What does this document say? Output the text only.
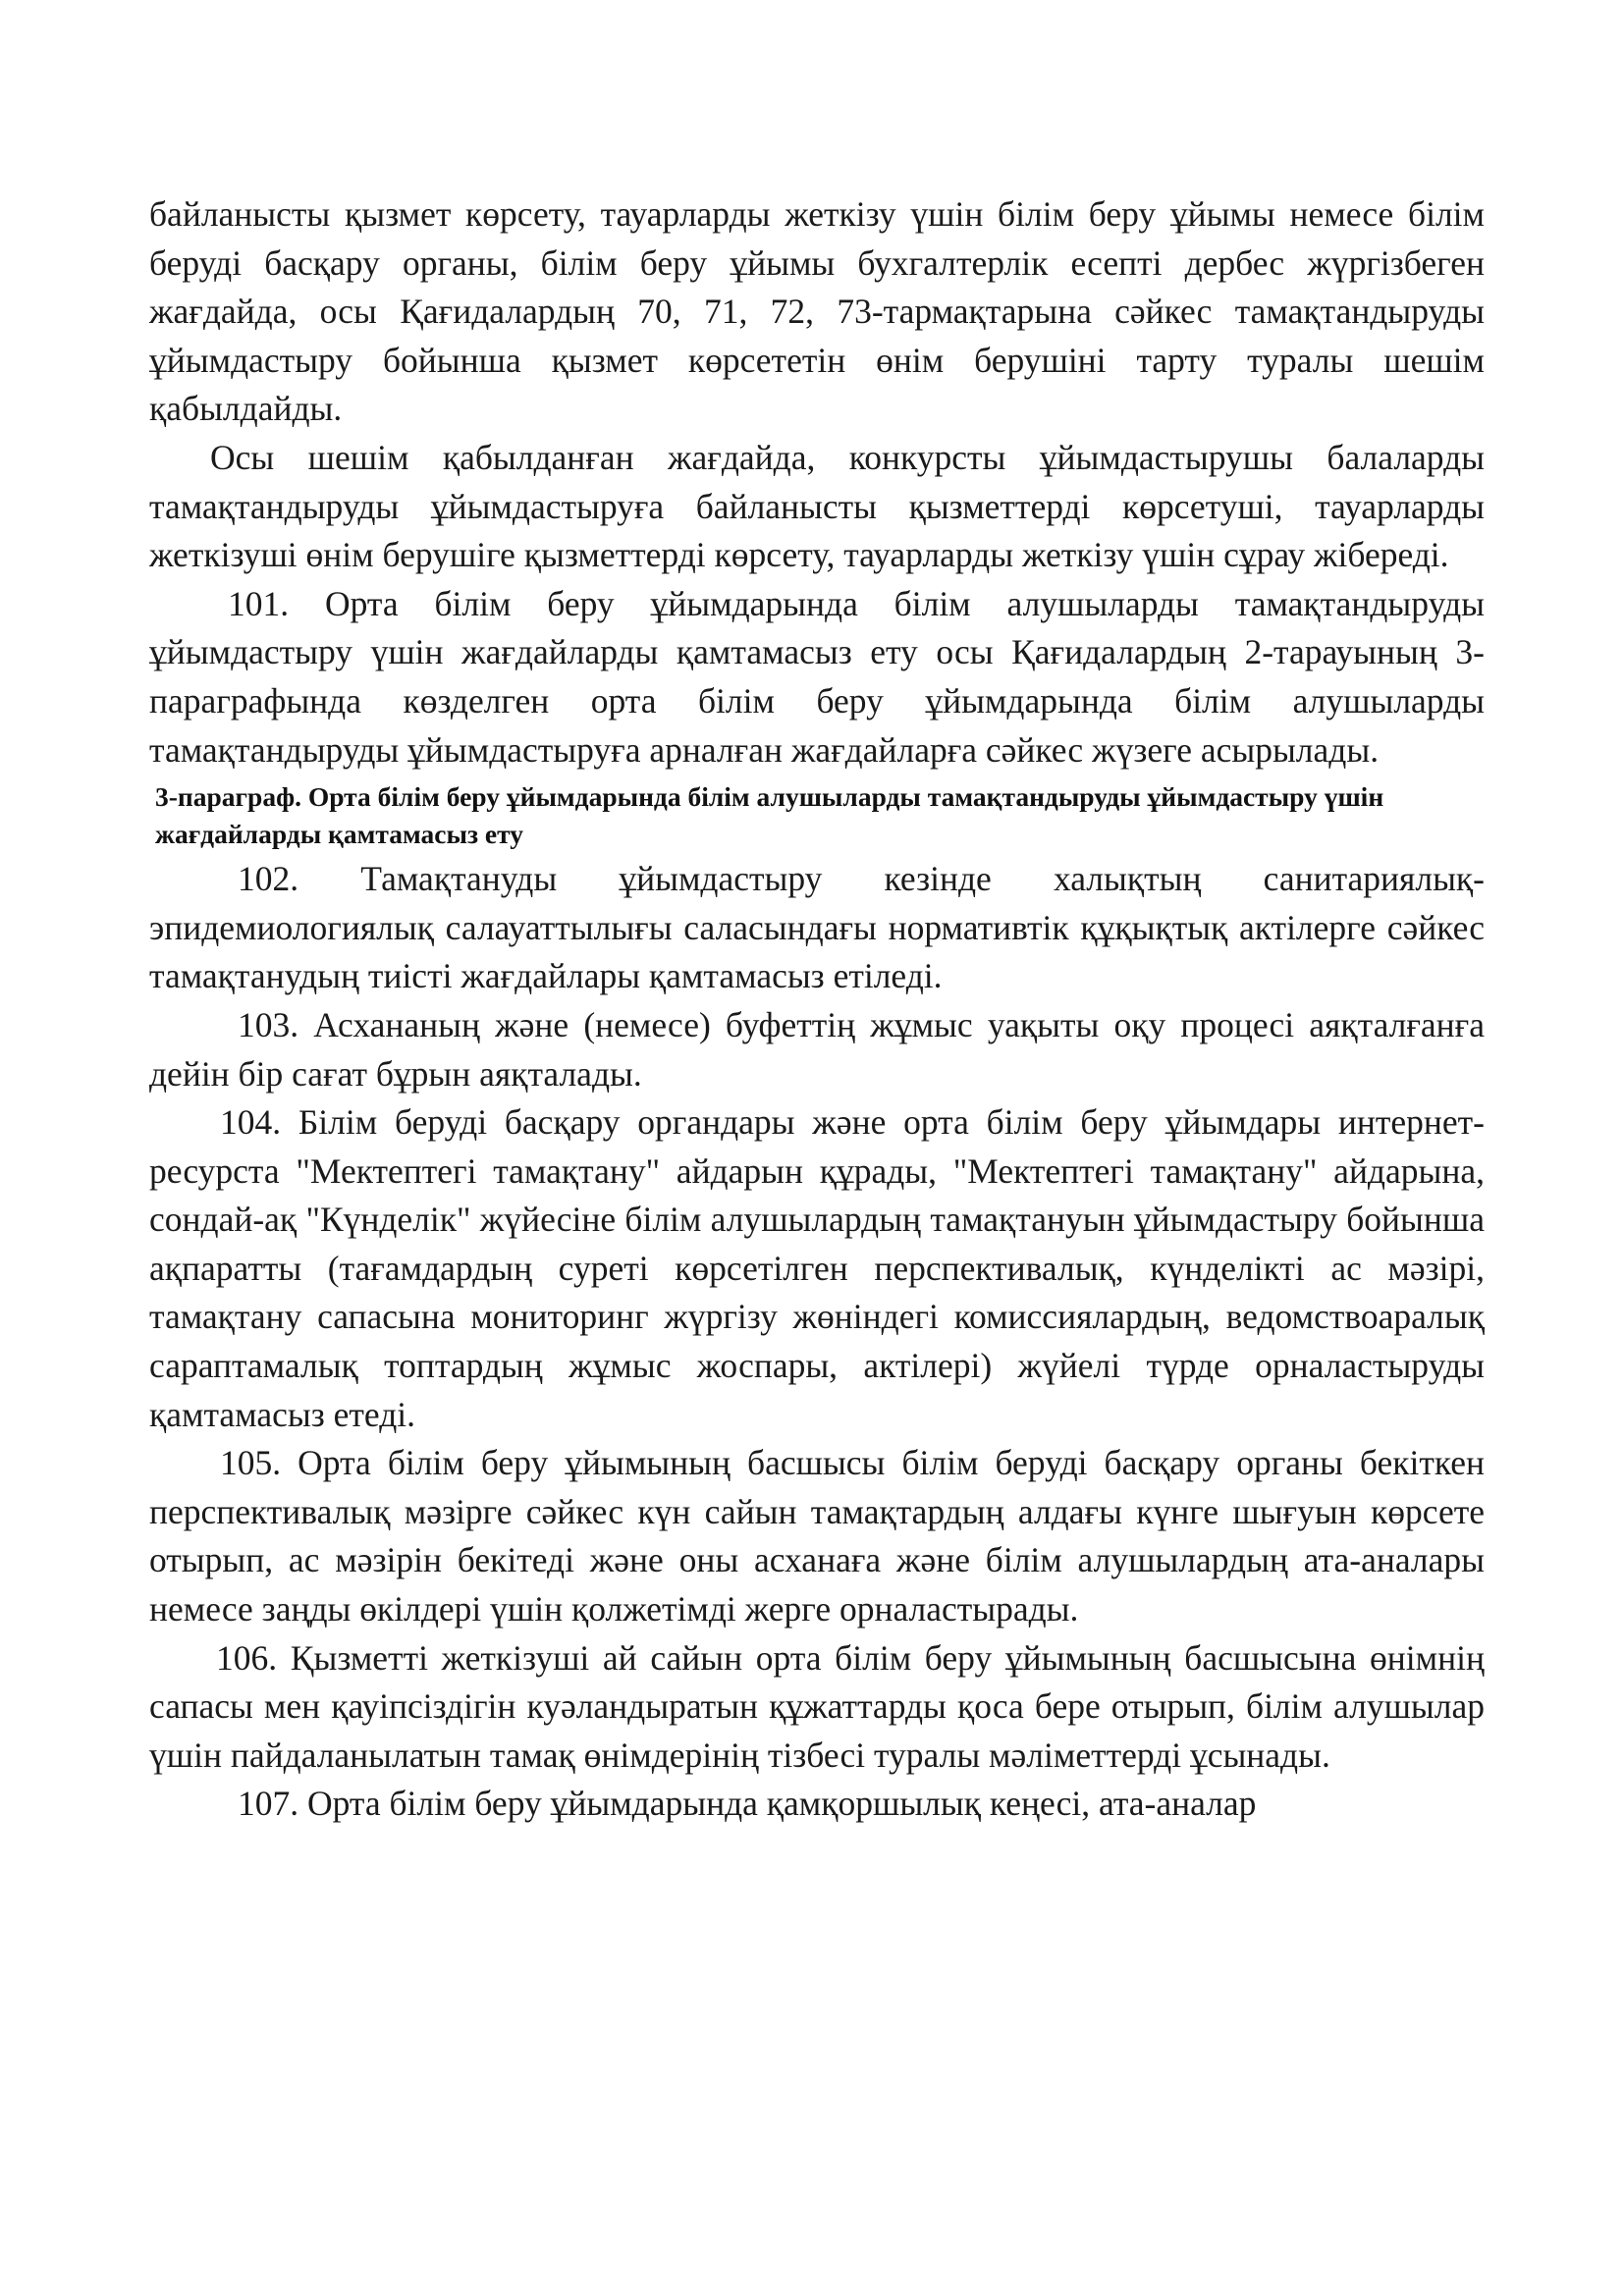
байланысты қызмет көрсету, тауарларды жеткізу үшін білім беру ұйымы немесе білім беруді басқару органы, білім беру ұйымы бухгалтерлік есепті дербес жүргізбеген жағдайда, осы Қағидалардың 70, 71, 72, 73-тармақтарына сәйкес тамақтандыруды ұйымдастыру бойынша қызмет көрсететін өнім берушіні тарту туралы шешім қабылдайды.

Осы шешім қабылданған жағдайда, конкурсты ұйымдастырушы балаларды тамақтандыруды ұйымдастыруға байланысты қызметтерді көрсетуші, тауарларды жеткізуші өнім берушіге қызметтерді көрсету, тауарларды жеткізу үшін сұрау жібереді.

101. Орта білім беру ұйымдарында білім алушыларды тамақтандыруды ұйымдастыру үшін жағдайларды қамтамасыз ету осы Қағидалардың 2-тарауының 3-параграфында көзделген орта білім беру ұйымдарында білім алушыларды тамақтандыруды ұйымдастыруға арналған жағдайларға сәйкес жүзеге асырылады.

3-параграф. Орта білім беру ұйымдарында білім алушыларды тамақтандыруды ұйымдастыру үшін жағдайларды қамтамасыз ету

102. Тамақтануды ұйымдастыру кезінде халықтың санитариялық-эпидемиологиялық салауаттылығы саласындағы нормативтік құқықтық актілерге сәйкес тамақтанудың тиісті жағдайлары қамтамасыз етіледі.

103. Асхананың және (немесе) буфеттің жұмыс уақыты оқу процесі аяқталғанға дейін бір сағат бұрын аяқталады.

104. Білім беруді басқару органдары және орта білім беру ұйымдары интернет-ресурста "Мектептегі тамақтану" айдарын құрады, "Мектептегі тамақтану" айдарына, сондай-ақ "Күнделік" жүйесіне білім алушылардың тамақтануын ұйымдастыру бойынша ақпаратты (тағамдардың суреті көрсетілген перспективалық, күнделікті ас мәзірі, тамақтану сапасына мониторинг жүргізу жөніндегі комиссиялардың, ведомствоаралық сараптамалық топтардың жұмыс жоспары, актілері) жүйелі түрде орналастыруды қамтамасыз етеді.

105. Орта білім беру ұйымының басшысы білім беруді басқару органы бекіткен перспективалық мәзірге сәйкес күн сайын тамақтардың алдағы күнге шығуын көрсете отырып, ас мәзірін бекітеді және оны асханаға және білім алушылардың ата-аналары немесе заңды өкілдері үшін қолжетімді жерге орналастырады.

106. Қызметті жеткізуші ай сайын орта білім беру ұйымының басшысына өнімнің сапасы мен қауіпсіздігін куәландыратын құжаттарды қоса бере отырып, білім алушылар үшін пайдаланылатын тамақ өнімдерінің тізбесі туралы мәліметтерді ұсынады.

107. Орта білім беру ұйымдарында қамқоршылық кеңесі, ата-аналар
